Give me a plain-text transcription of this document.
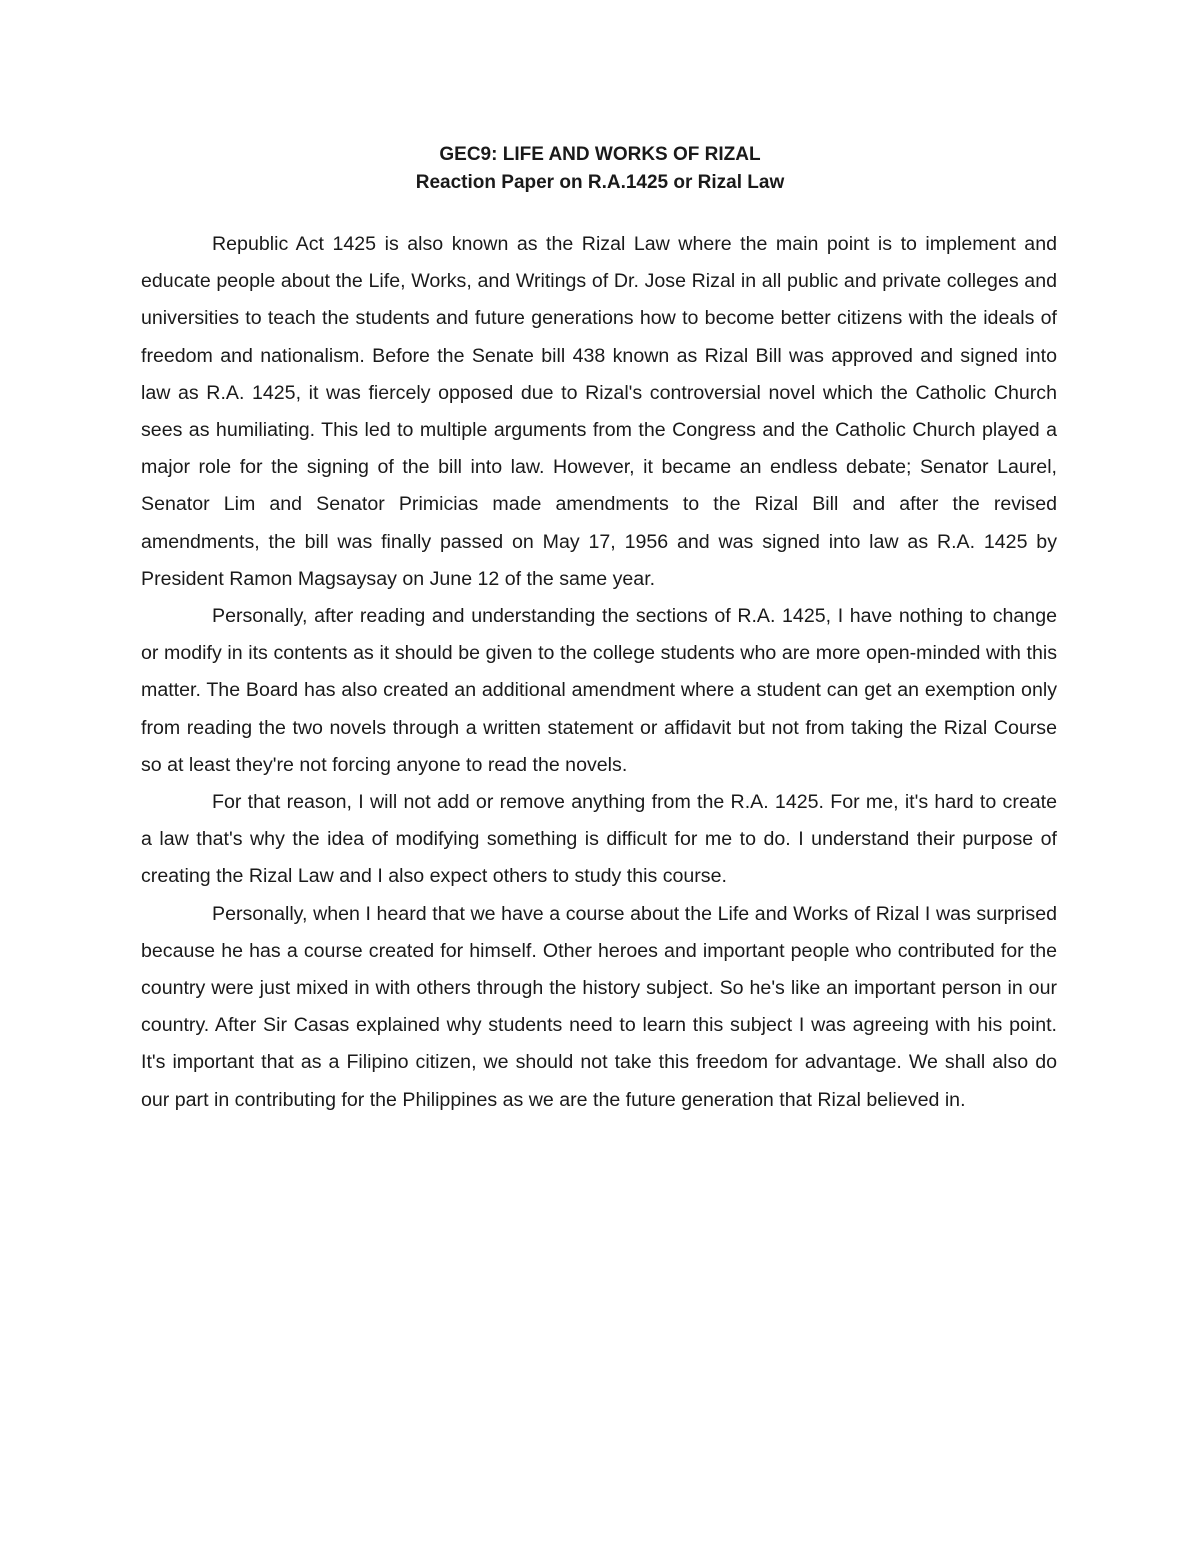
GEC9: LIFE AND WORKS OF RIZAL
Reaction Paper on R.A.1425 or Rizal Law

Republic Act 1425 is also known as the Rizal Law where the main point is to implement and educate people about the Life, Works, and Writings of Dr. Jose Rizal in all public and private colleges and universities to teach the students and future generations how to become better citizens with the ideals of freedom and nationalism. Before the Senate bill 438 known as Rizal Bill was approved and signed into law as R.A. 1425, it was fiercely opposed due to Rizal's controversial novel which the Catholic Church sees as humiliating. This led to multiple arguments from the Congress and the Catholic Church played a major role for the signing of the bill into law. However, it became an endless debate; Senator Laurel, Senator Lim and Senator Primicias made amendments to the Rizal Bill and after the revised amendments, the bill was finally passed on May 17, 1956 and was signed into law as R.A. 1425 by President Ramon Magsaysay on June 12 of the same year.

Personally, after reading and understanding the sections of R.A. 1425, I have nothing to change or modify in its contents as it should be given to the college students who are more open-minded with this matter. The Board has also created an additional amendment where a student can get an exemption only from reading the two novels through a written statement or affidavit but not from taking the Rizal Course so at least they're not forcing anyone to read the novels.

For that reason, I will not add or remove anything from the R.A. 1425. For me, it's hard to create a law that's why the idea of modifying something is difficult for me to do. I understand their purpose of creating the Rizal Law and I also expect others to study this course.

Personally, when I heard that we have a course about the Life and Works of Rizal I was surprised because he has a course created for himself. Other heroes and important people who contributed for the country were just mixed in with others through the history subject. So he's like an important person in our country. After Sir Casas explained why students need to learn this subject I was agreeing with his point. It's important that as a Filipino citizen, we should not take this freedom for advantage. We shall also do our part in contributing for the Philippines as we are the future generation that Rizal believed in.
